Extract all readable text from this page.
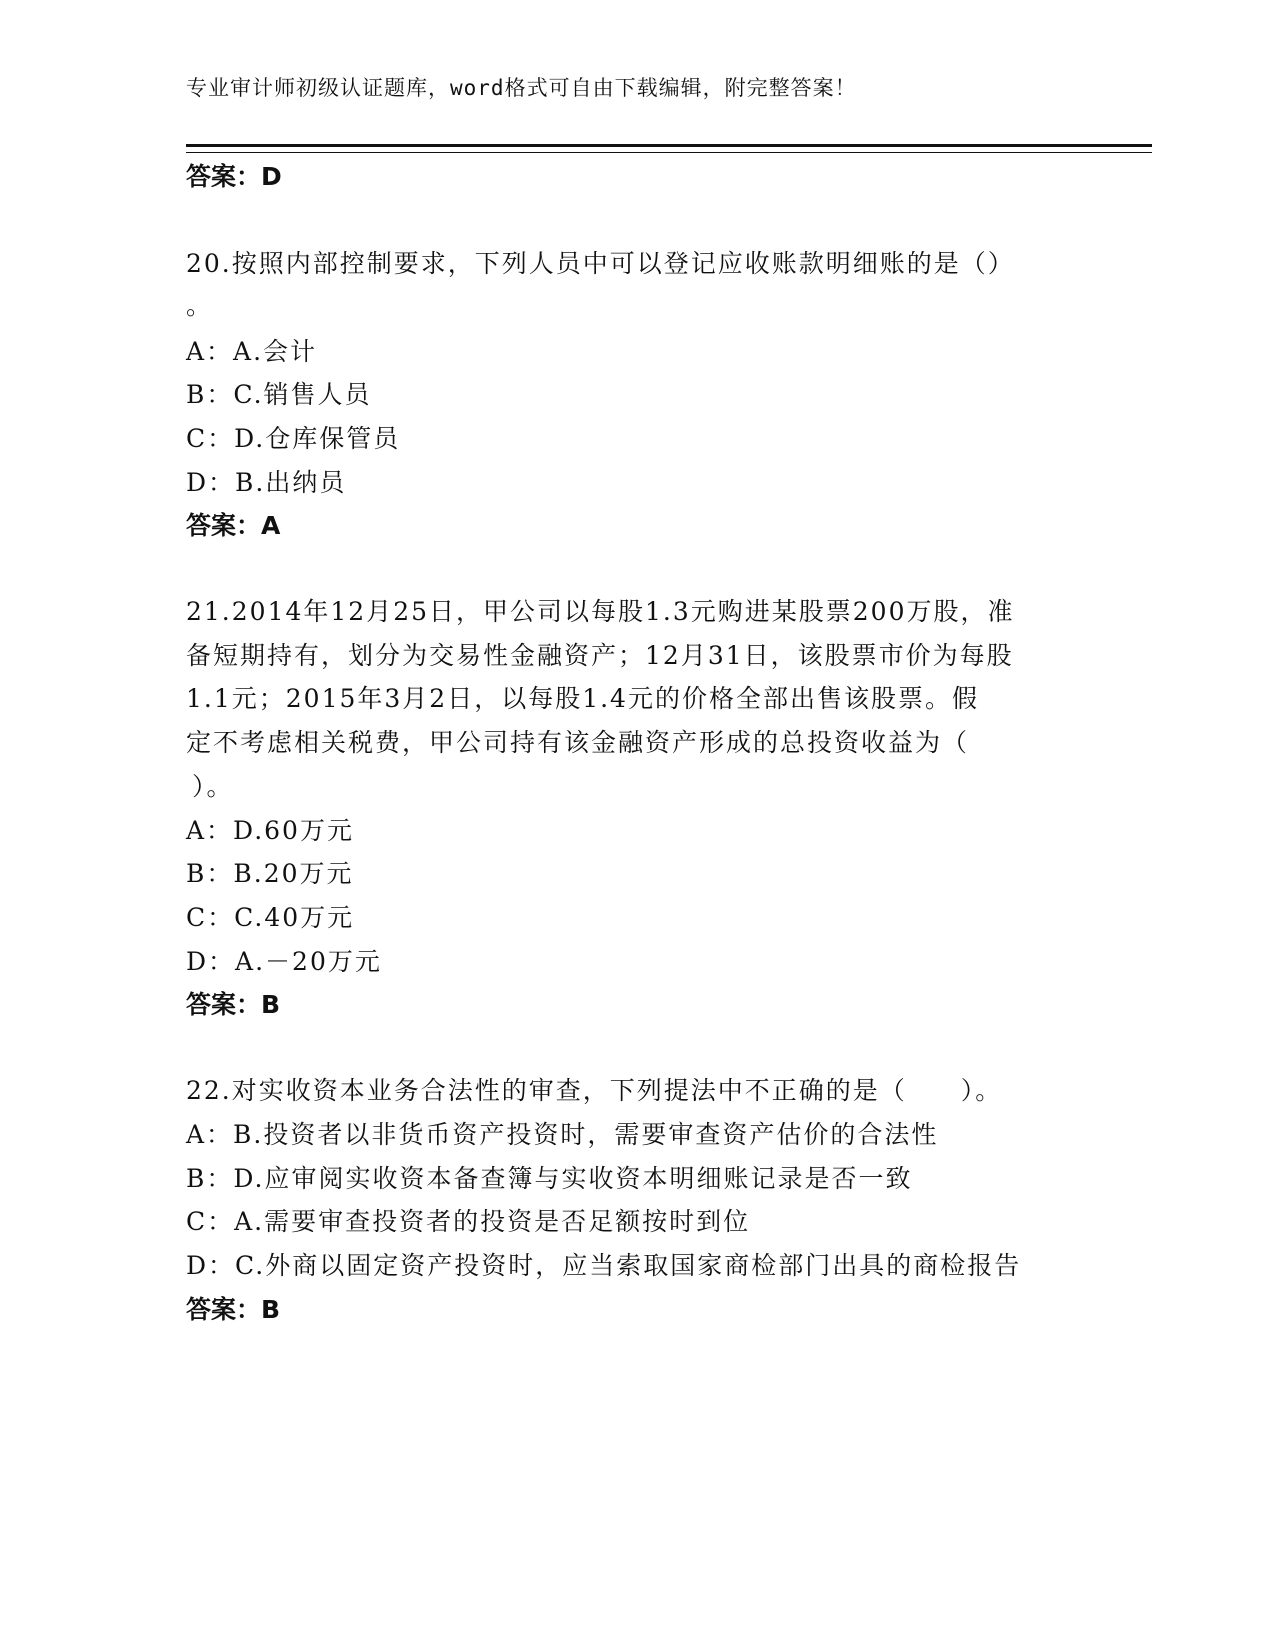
专业审计师初级认证题库，word格式可自由下载编辑，附完整答案！
答案：D
20.按照内部控制要求，下列人员中可以登记应收账款明细账的是（）
。
A：A.会计
B：C.销售人员
C：D.仓库保管员
D：B.出纳员
答案：A
21.2014年12月25日，甲公司以每股1.3元购进某股票200万股，准
备短期持有，划分为交易性金融资产；12月31日，该股票市价为每股
1.1元；2015年3月2日，以每股1.4元的价格全部出售该股票。假
定不考虑相关税费，甲公司持有该金融资产形成的总投资收益为（
）。
A：D.60万元
B：B.20万元
C：C.40万元
D：A.－20万元
答案：B
22.对实收资本业务合法性的审查，下列提法中不正确的是（　　）。
A：B.投资者以非货币资产投资时，需要审查资产估价的合法性
B：D.应审阅实收资本备查簿与实收资本明细账记录是否一致
C：A.需要审查投资者的投资是否足额按时到位
D：C.外商以固定资产投资时，应当索取国家商检部门出具的商检报告
答案：B
